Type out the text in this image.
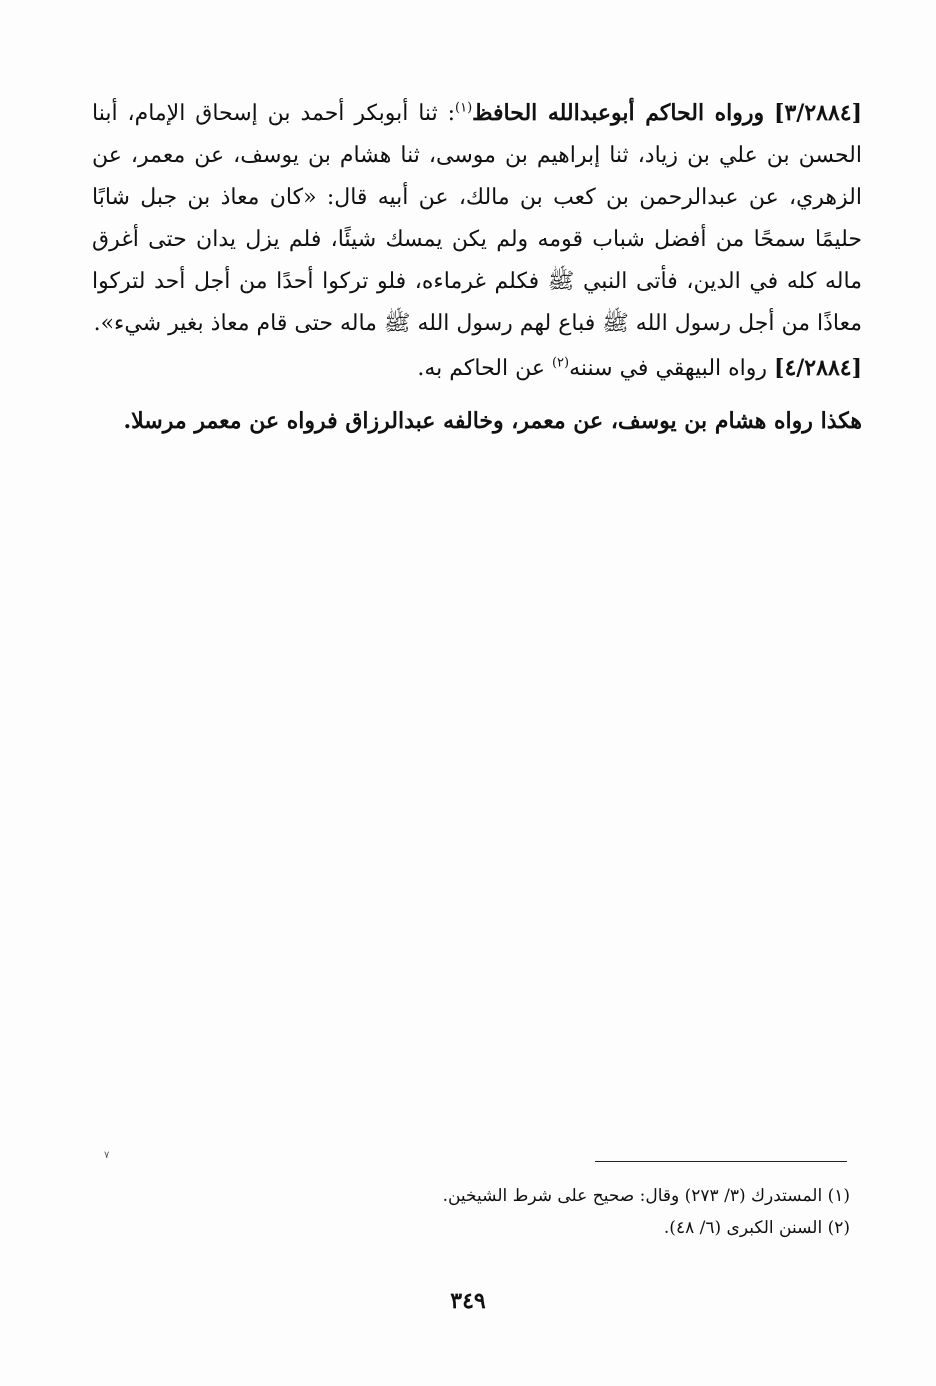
[٣/٢٨٨٤] ورواه الحاكم أبوعبدالله الحافظ$^{(١)}$: ثنا أبوبكر أحمد بن إسحاق الإمام، أبنا الحسن بن علي بن زياد، ثنا إبراهيم بن موسى، ثنا هشام بن يوسف، عن معمر، عن الزهري، عن عبدالرحمن بن كعب بن مالك، عن أبيه قال: «كان معاذ بن جبل شابًا حليمًا سمحًا من أفضل شباب قومه ولم يكن يمسك شيئًا، فلم يزل يدان حتى أغرق ماله كله في الدين، فأتى النبي ﷺ فكلم غرماءه، فلو تركوا أحدًا من أجل أحد لتركوا معاذًا من أجل رسول الله ﷺ فباع لهم رسول الله ﷺ ماله حتى قام معاذ بغير شيء».

[٤/٢٨٨٤] رواه البيهقي في سننه$^{(٢)}$ عن الحاكم به.

هكذا رواه هشام بن يوسف، عن معمر، وخالفه عبدالرزاق فرواه عن معمر مرسلا.

٧

(١) المستدرك (٣/ ٢٧٣) وقال: صحيح على شرط الشيخين.

(٢) السنن الكبرى (٦/ ٤٨).

٣٤٩
